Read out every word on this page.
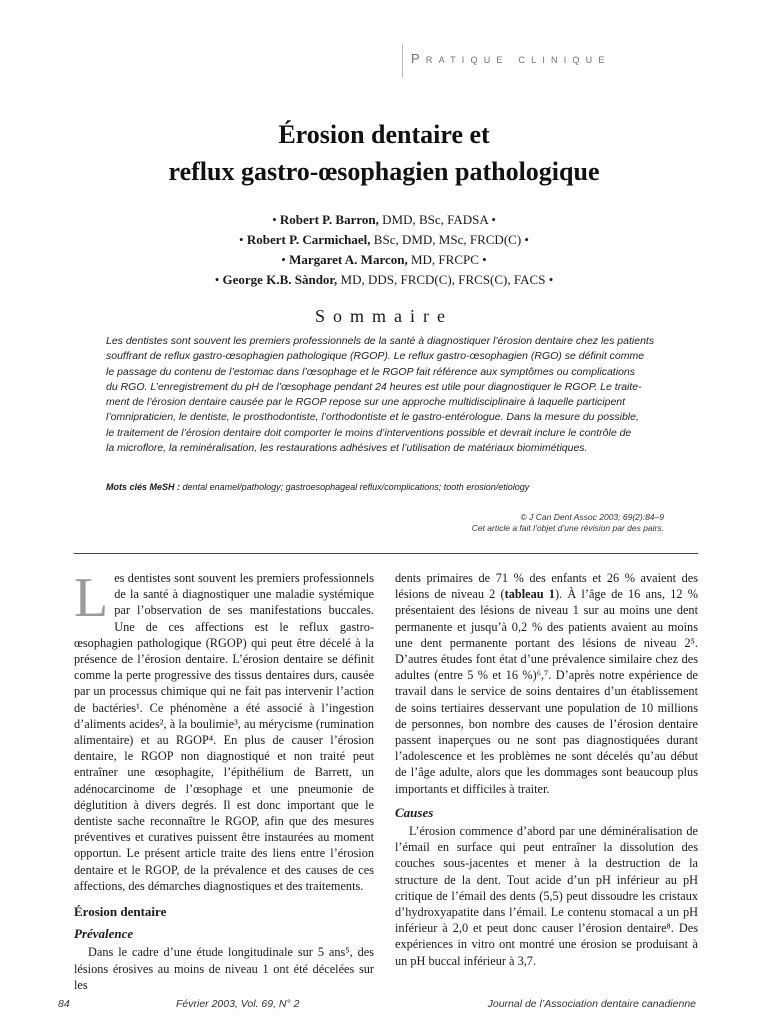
Pratique clinique
Érosion dentaire et
reflux gastro-œsophagien pathologique
• Robert P. Barron, DMD, BSc, FADSA •
• Robert P. Carmichael, BSc, DMD, MSc, FRCD(C) •
• Margaret A. Marcon, MD, FRCPC •
• George K.B. Sàndor, MD, DDS, FRCD(C), FRCS(C), FACS •
Sommaire
Les dentistes sont souvent les premiers professionnels de la santé à diagnostiquer l’érosion dentaire chez les patients
souffrant de reflux gastro-œsophagien pathologique (RGOP). Le reflux gastro-œsophagien (RGO) se définit comme
le passage du contenu de l’estomac dans l’œsophage et le RGOP fait référence aux symptômes ou complications
du RGO. L’enregistrement du pH de l’œsophage pendant 24 heures est utile pour diagnostiquer le RGOP. Le traite-
ment de l’érosion dentaire causée par le RGOP repose sur une approche multidisciplinaire à laquelle participent
l’omnipraticien, le dentiste, le prosthodontiste, l’orthodontiste et le gastro-entérologue. Dans la mesure du possible,
le traitement de l’érosion dentaire doit comporter le moins d’interventions possible et devrait inclure le contrôle de
la microflore, la reminéralisation, les restaurations adhésives et l’utilisation de matériaux biomimétiques.
Mots clés MeSH : dental enamel/pathology; gastroesophageal reflux/complications; tooth erosion/etiology
© J Can Dent Assoc 2003; 69(2):84–9
Cet article a fait l’objet d’une révision par des pairs.

Les dentistes sont souvent les premiers professionnels de la santé à diagnostiquer une maladie systémique par l’observation de ses manifestations buccales. Une de ces affections est le reflux gastro-œsophagien pathologique (RGOP) qui peut être décelé à la présence de l’érosion dentaire. L’érosion dentaire se définit comme la perte progressive des tissus dentaires durs, causée par un processus chimique qui ne fait pas intervenir l’action de bactéries¹. Ce phénomène a été associé à l’ingestion d’aliments acides², à la boulimie³, au mérycisme (rumination alimentaire) et au RGOP⁴. En plus de causer l’érosion dentaire, le RGOP non diagnostiqué et non traité peut entraîner une œsophagite, l’épithélium de Barrett, un adénocarcinome de l’œsophage et une pneumonie de déglutition à divers degrés. Il est donc important que le dentiste sache reconnaître le RGOP, afin que des mesures préventives et curatives puissent être instaurées au moment opportun. Le présent article traite des liens entre l’érosion dentaire et le RGOP, de la prévalence et des causes de ces affections, des démarches diagnostiques et des traitements.

Érosion dentaire
Prévalence

Dans le cadre d’une étude longitudinale sur 5 ans⁵, des lésions érosives au moins de niveau 1 ont été décelées sur les

dents primaires de 71 % des enfants et 26 % avaient des lésions de niveau 2 (tableau 1). À l’âge de 16 ans, 12 % présentaient des lésions de niveau 1 sur au moins une dent permanente et jusqu’à 0,2 % des patients avaient au moins une dent permanente portant des lésions de niveau 2⁵. D’autres études font état d’une prévalence similaire chez des adultes (entre 5 % et 16 %)⁶,⁷. D’après notre expérience de travail dans le service de soins dentaires d’un établissement de soins tertiaires desservant une population de 10 millions de personnes, bon nombre des causes de l’érosion dentaire passent inaperçues ou ne sont pas diagnostiquées durant l’adolescence et les problèmes ne sont décelés qu’au début de l’âge adulte, alors que les dommages sont beaucoup plus importants et difficiles à traiter.

Causes

L’érosion commence d’abord par une déminéralisation de l’émail en surface qui peut entraîner la dissolution des couches sous-jacentes et mener à la destruction de la structure de la dent. Tout acide d’un pH inférieur au pH critique de l’émail des dents (5,5) peut dissoudre les cristaux d’hydroxyapatite dans l’émail. Le contenu stomacal a un pH inférieur à 2,0 et peut donc causer l’érosion dentaire⁸. Des expériences in vitro ont montré une érosion se produisant à un pH buccal inférieur à 3,7.

84	Février 2003, Vol. 69, N° 2	Journal de l’Association dentaire canadienne
